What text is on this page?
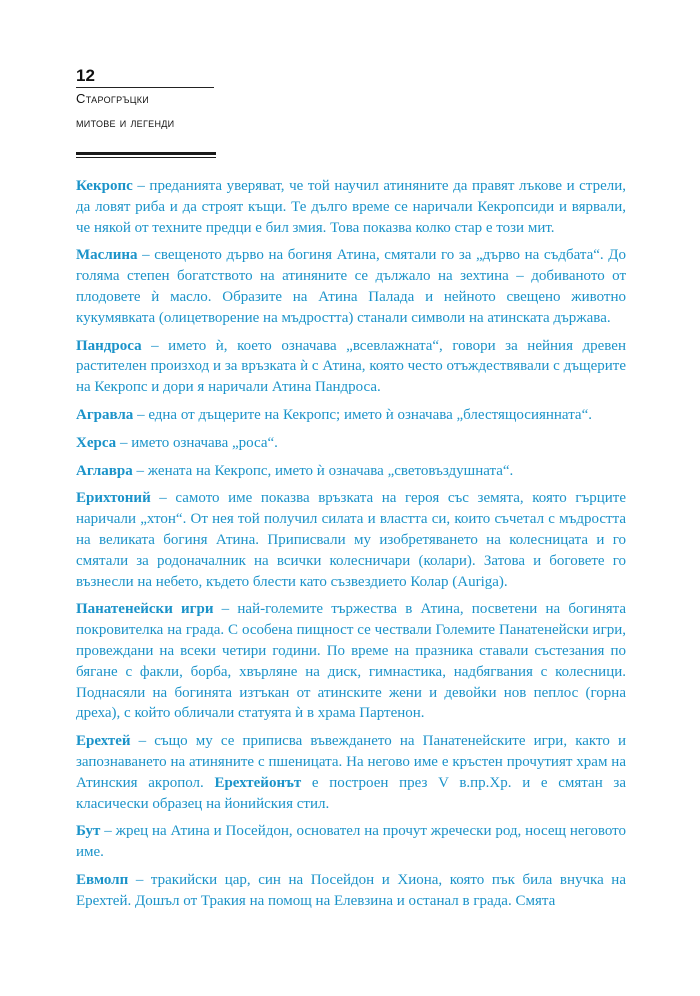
12
Старогръцки
митове и легенди

Кекропс – преданията уверяват, че той научил атиняните да правят лъкове и стрели, да ловят риба и да строят къщи. Те дълго време се наричали Кекропсиди и вярвали, че някой от техните предци е бил змия. Това показва колко стар е този мит.

Маслина – свещеното дърво на богиня Атина, смятали го за „дърво на съдбата“. До голяма степен богатството на атиняните се дължало на зехтина – добиваното от плодовете ѝ масло. Образите на Атина Палада и нейното свещено животно кукумявката (олицетворение на мъдростта) станали символи на атинската държава.

Пандроса – името ѝ, което означава „всевлажната“, говори за нейния древен растителен произход и за връзката ѝ с Атина, която често отъждествявали с дъщерите на Кекропс и дори я наричали Атина Пандроса.

Агравла – една от дъщерите на Кекропс; името ѝ означава „блестящосиянната“.

Херса – името означава „роса“.

Аглавра – жената на Кекропс, името ѝ означава „световъздушната“.

Ерихтоний – самото име показва връзката на героя със земята, която гърците наричали „хтон“. От нея той получил силата и властта си, които съчетал с мъдростта на великата богиня Атина. Приписвали му изобретяването на колесницата и го смятали за родоначалник на всички колесничари (колари). Затова и боговете го възнесли на небето, където блести като съзвездието Колар (Auriga).

Панатенейски игри – най-големите тържества в Атина, посветени на богинята покровителка на града. С особена пищност се чествали Големите Панатенейски игри, провеждани на всеки четири години. По време на празника ставали състезания по бягане с факли, борба, хвърляне на диск, гимнастика, надбягвания с колесници. Поднасяли на богинята изтъкан от атинските жени и девойки нов пеплос (горна дреха), с който обличали статуята ѝ в храма Партенон.

Ерехтей – също му се приписва въвеждането на Панатенейските игри, както и запознаването на атиняните с пшеницата. На негово име е кръстен прочутият храм на Атинския акропол. Ерехтейонът е построен през V в.пр.Хр. и е смятан за класически образец на йонийския стил.

Бут – жрец на Атина и Посейдон, основател на прочут жречески род, носещ неговото име.

Евмолп – тракийски цар, син на Посейдон и Хиона, която пък била внучка на Ерехтей. Дошъл от Тракия на помощ на Елевзина и останал в града. Смята
